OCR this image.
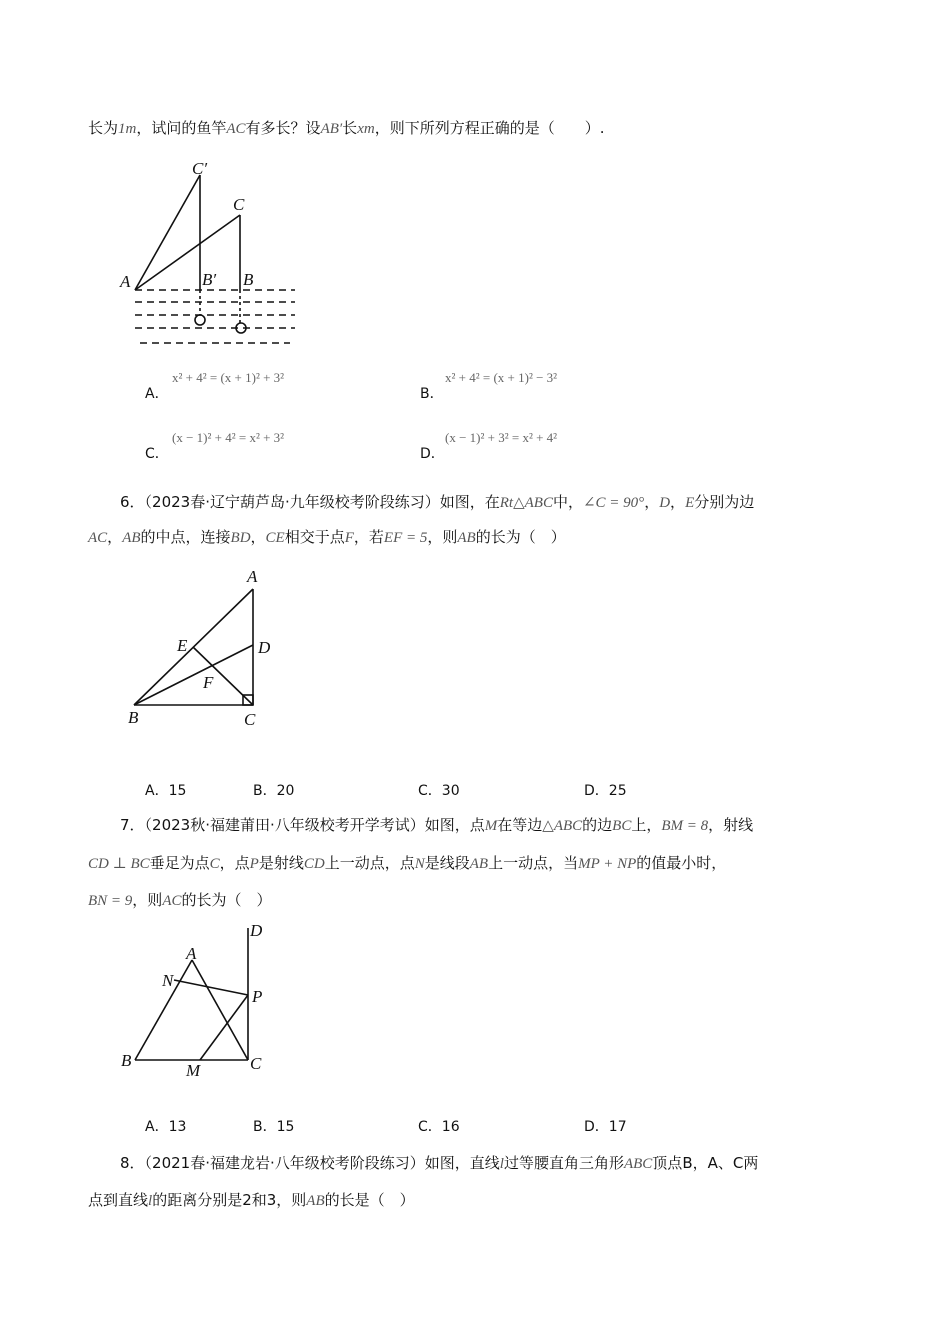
长为1m，试问的鱼竿AC有多长？设AB′长xm，则下所列方程正确的是（　　）.
A
C′
C
B′ B
A．
x² + 4² = (x + 1)² + 3²
B．
x² + 4² = (x + 1)² − 3²
C．
(x − 1)² + 4² = x² + 3²
D．
(x − 1)² + 3² = x² + 4²
6．（2023春·辽宁葫芦岛·九年级校考阶段练习）如图，在Rt△ABC中，∠C = 90°，D，E分别为边
AC，AB的中点，连接BD，CE相交于点F，若EF = 5，则AB的长为（　）
A
D
E
F
B	C
A．15	B．20	C．30	D．25
7．（2023秋·福建莆田·八年级校考开学考试）如图，点M在等边△ABC的边BC上，BM = 8，射线
CD ⊥ BC垂足为点C，点P是射线CD上一动点，点N是线段AB上一动点，当MP + NP的值最小时，
BN = 9，则AC的长为（　）
D
A
N
P
B
M	C
A．13	B．15	C．16	D．17
8．（2021春·福建龙岩·八年级校考阶段练习）如图，直线l过等腰直角三角形ABC顶点B，A、C两
点到直线l的距离分别是2和3，则AB的长是（　）
